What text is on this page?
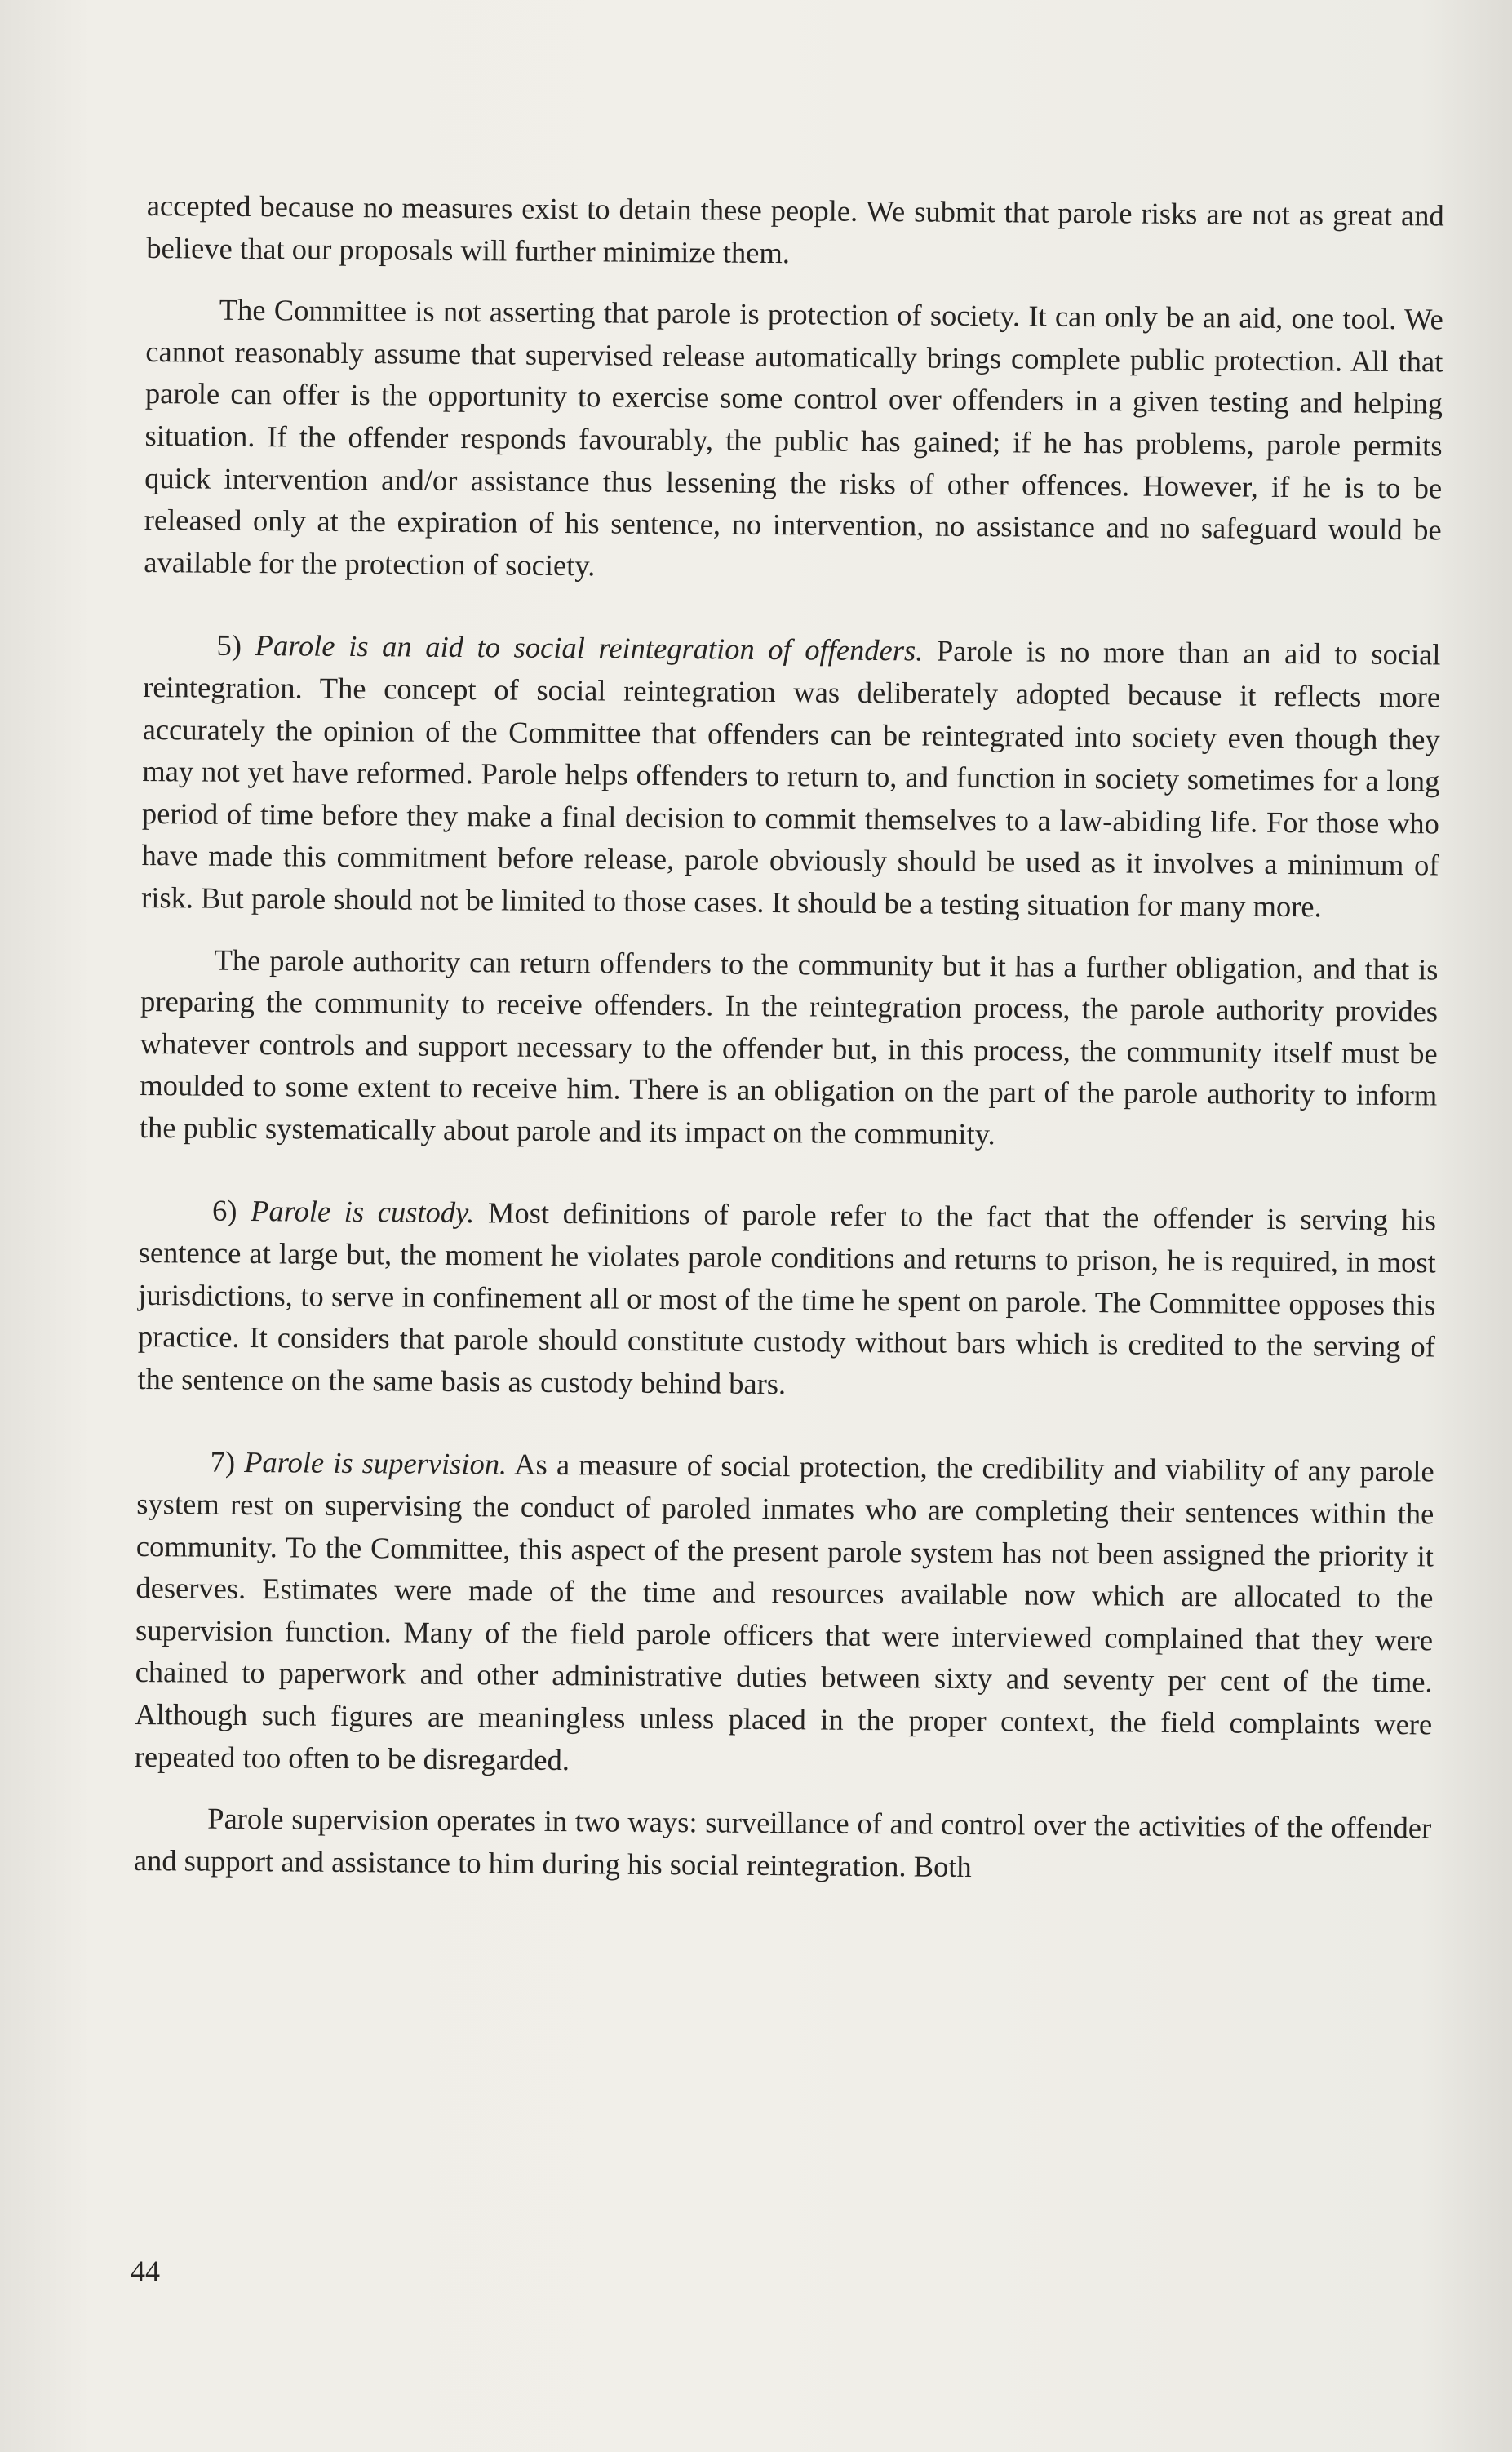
accepted because no measures exist to detain these people. We submit that parole risks are not as great and believe that our proposals will further minimize them.

The Committee is not asserting that parole is protection of society. It can only be an aid, one tool. We cannot reasonably assume that supervised release automatically brings complete public protection. All that parole can offer is the opportunity to exercise some control over offenders in a given testing and helping situation. If the offender responds favourably, the public has gained; if he has problems, parole permits quick intervention and/or assistance thus lessening the risks of other offences. However, if he is to be released only at the expiration of his sentence, no intervention, no assistance and no safeguard would be available for the protection of society.

5) Parole is an aid to social reintegration of offenders. Parole is no more than an aid to social reintegration. The concept of social reintegration was deliberately adopted because it reflects more accurately the opinion of the Committee that offenders can be reintegrated into society even though they may not yet have reformed. Parole helps offenders to return to, and function in society sometimes for a long period of time before they make a final decision to commit themselves to a law-abiding life. For those who have made this commitment before release, parole obviously should be used as it involves a minimum of risk. But parole should not be limited to those cases. It should be a testing situation for many more.

The parole authority can return offenders to the community but it has a further obligation, and that is preparing the community to receive offenders. In the reintegration process, the parole authority provides whatever controls and support necessary to the offender but, in this process, the community itself must be moulded to some extent to receive him. There is an obligation on the part of the parole authority to inform the public systematically about parole and its impact on the community.

6) Parole is custody. Most definitions of parole refer to the fact that the offender is serving his sentence at large but, the moment he violates parole conditions and returns to prison, he is required, in most jurisdictions, to serve in confinement all or most of the time he spent on parole. The Committee opposes this practice. It considers that parole should constitute custody without bars which is credited to the serving of the sentence on the same basis as custody behind bars.

7) Parole is supervision. As a measure of social protection, the credibility and viability of any parole system rest on supervising the conduct of paroled inmates who are completing their sentences within the community. To the Committee, this aspect of the present parole system has not been assigned the priority it deserves. Estimates were made of the time and resources available now which are allocated to the supervision function. Many of the field parole officers that were interviewed complained that they were chained to paperwork and other administrative duties between sixty and seventy per cent of the time. Although such figures are meaningless unless placed in the proper context, the field complaints were repeated too often to be disregarded.

Parole supervision operates in two ways: surveillance of and control over the activities of the offender and support and assistance to him during his social reintegration. Both

44
